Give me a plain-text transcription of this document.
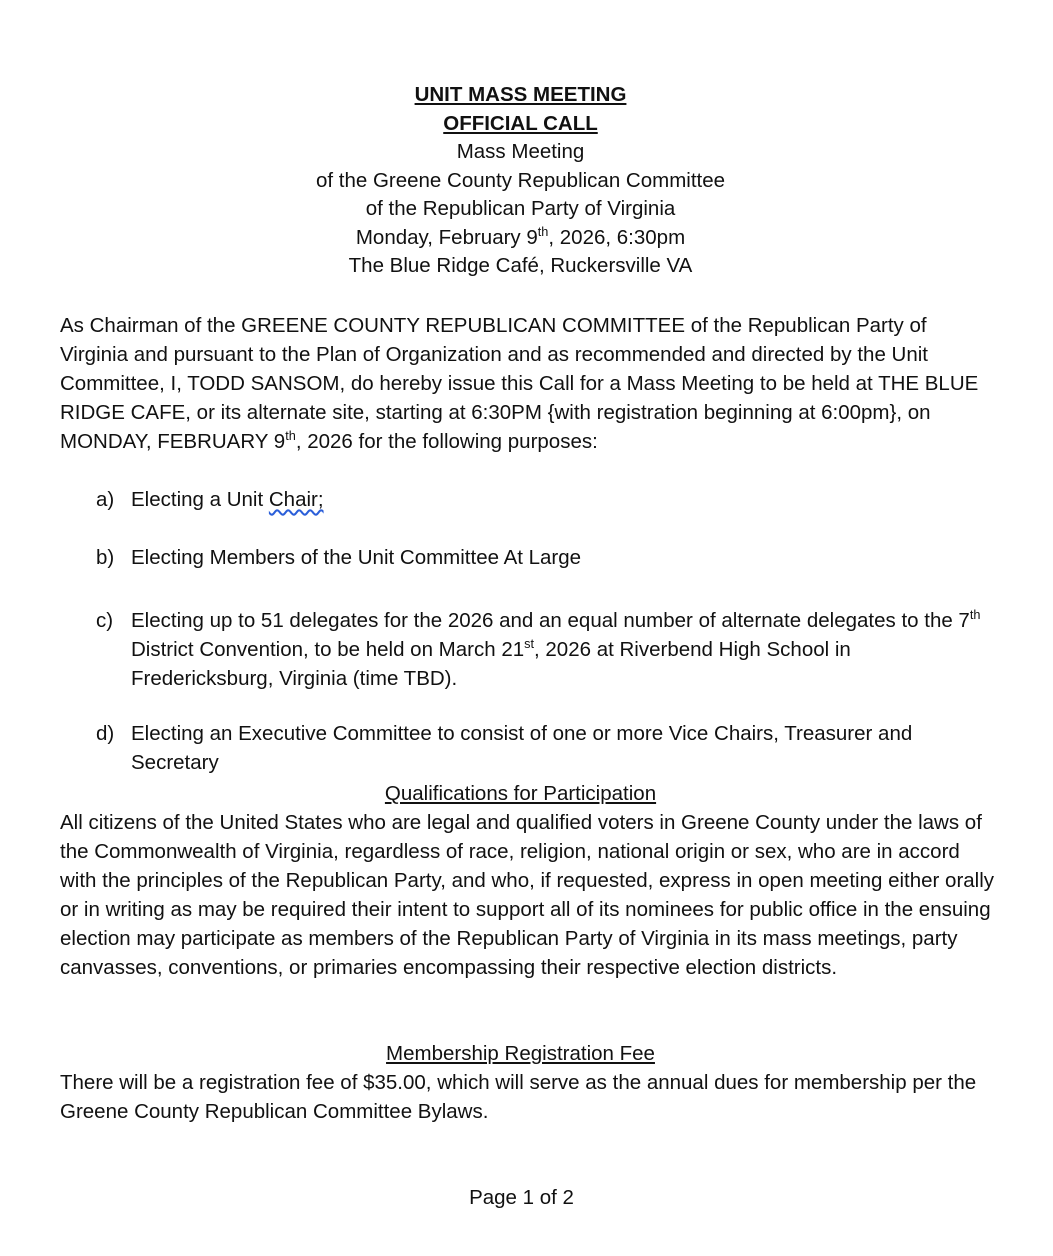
UNIT MASS MEETING
OFFICIAL CALL
Mass Meeting
of the Greene County Republican Committee
of the Republican Party of Virginia
Monday, February 9th, 2026, 6:30pm
The Blue Ridge Café, Ruckersville VA
As Chairman of the GREENE COUNTY REPUBLICAN COMMITTEE of the Republican Party of Virginia and pursuant to the Plan of Organization and as recommended and directed by the Unit Committee, I, TODD SANSOM, do hereby issue this Call for a Mass Meeting to be held at THE BLUE RIDGE CAFE, or its alternate site, starting at 6:30PM {with registration beginning at 6:00pm}, on MONDAY, FEBRUARY 9th, 2026 for the following purposes:
a) Electing a Unit Chair;
b) Electing Members of the Unit Committee At Large
c) Electing up to 51 delegates for the 2026 and an equal number of alternate delegates to the 7th District Convention, to be held on March 21st, 2026 at Riverbend High School in Fredericksburg, Virginia (time TBD).
d) Electing an Executive Committee to consist of one or more Vice Chairs, Treasurer and Secretary
Qualifications for Participation
All citizens of the United States who are legal and qualified voters in Greene County under the laws of the Commonwealth of Virginia, regardless of race, religion, national origin or sex, who are in accord with the principles of the Republican Party, and who, if requested, express in open meeting either orally or in writing as may be required their intent to support all of its nominees for public office in the ensuing election may participate as members of the Republican Party of Virginia in its mass meetings, party canvasses, conventions, or primaries encompassing their respective election districts.
Membership Registration Fee
There will be a registration fee of $35.00, which will serve as the annual dues for membership per the Greene County Republican Committee Bylaws.
Page 1 of 2
